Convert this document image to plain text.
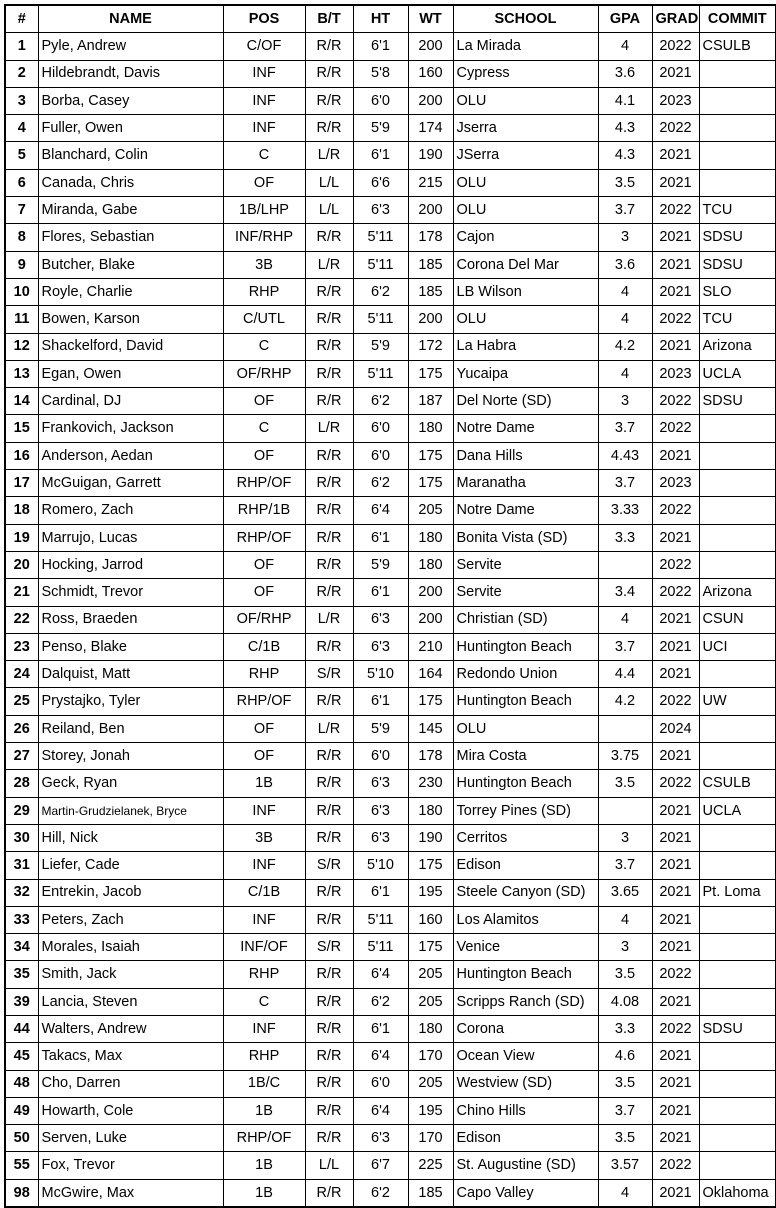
#	NAME	POS	B/T	HT	WT	SCHOOL	GPA	GRAD	COMMIT
1	Pyle, Andrew	C/OF	R/R	6'1	200	La Mirada	4	2022	CSULB
2	Hildebrandt, Davis	INF	R/R	5'8	160	Cypress	3.6	2021	
3	Borba, Casey	INF	R/R	6'0	200	OLU	4.1	2023	
4	Fuller, Owen	INF	R/R	5'9	174	Jserra	4.3	2022	
5	Blanchard, Colin	C	L/R	6'1	190	JSerra	4.3	2021	
6	Canada, Chris	OF	L/L	6'6	215	OLU	3.5	2021	
7	Miranda, Gabe	1B/LHP	L/L	6'3	200	OLU	3.7	2022	TCU
8	Flores, Sebastian	INF/RHP	R/R	5'11	178	Cajon	3	2021	SDSU
9	Butcher, Blake	3B	L/R	5'11	185	Corona Del Mar	3.6	2021	SDSU
10	Royle, Charlie	RHP	R/R	6'2	185	LB Wilson	4	2021	SLO
11	Bowen, Karson	C/UTL	R/R	5'11	200	OLU	4	2022	TCU
12	Shackelford, David	C	R/R	5'9	172	La Habra	4.2	2021	Arizona
13	Egan, Owen	OF/RHP	R/R	5'11	175	Yucaipa	4	2023	UCLA
14	Cardinal, DJ	OF	R/R	6'2	187	Del Norte (SD)	3	2022	SDSU
15	Frankovich, Jackson	C	L/R	6'0	180	Notre Dame	3.7	2022	
16	Anderson, Aedan	OF	R/R	6'0	175	Dana Hills	4.43	2021	
17	McGuigan, Garrett	RHP/OF	R/R	6'2	175	Maranatha	3.7	2023	
18	Romero, Zach	RHP/1B	R/R	6'4	205	Notre Dame	3.33	2022	
19	Marrujo, Lucas	RHP/OF	R/R	6'1	180	Bonita Vista (SD)	3.3	2021	
20	Hocking, Jarrod	OF	R/R	5'9	180	Servite		2022	
21	Schmidt, Trevor	OF	R/R	6'1	200	Servite	3.4	2022	Arizona
22	Ross, Braeden	OF/RHP	L/R	6'3	200	Christian (SD)	4	2021	CSUN
23	Penso, Blake	C/1B	R/R	6'3	210	Huntington Beach	3.7	2021	UCI
24	Dalquist, Matt	RHP	S/R	5'10	164	Redondo Union	4.4	2021	
25	Prystajko, Tyler	RHP/OF	R/R	6'1	175	Huntington Beach	4.2	2022	UW
26	Reiland, Ben	OF	L/R	5'9	145	OLU		2024	
27	Storey, Jonah	OF	R/R	6'0	178	Mira Costa	3.75	2021	
28	Geck, Ryan	1B	R/R	6'3	230	Huntington Beach	3.5	2022	CSULB
29	Martin-Grudzielanek, Bryce	INF	R/R	6'3	180	Torrey Pines (SD)		2021	UCLA
30	Hill, Nick	3B	R/R	6'3	190	Cerritos	3	2021	
31	Liefer, Cade	INF	S/R	5'10	175	Edison	3.7	2021	
32	Entrekin, Jacob	C/1B	R/R	6'1	195	Steele Canyon (SD)	3.65	2021	Pt. Loma
33	Peters, Zach	INF	R/R	5'11	160	Los Alamitos	4	2021	
34	Morales, Isaiah	INF/OF	S/R	5'11	175	Venice	3	2021	
35	Smith, Jack	RHP	R/R	6'4	205	Huntington Beach	3.5	2022	
39	Lancia, Steven	C	R/R	6'2	205	Scripps Ranch (SD)	4.08	2021	
44	Walters, Andrew	INF	R/R	6'1	180	Corona	3.3	2022	SDSU
45	Takacs, Max	RHP	R/R	6'4	170	Ocean View	4.6	2021	
48	Cho, Darren	1B/C	R/R	6'0	205	Westview (SD)	3.5	2021	
49	Howarth, Cole	1B	R/R	6'4	195	Chino Hills	3.7	2021	
50	Serven, Luke	RHP/OF	R/R	6'3	170	Edison	3.5	2021	
55	Fox, Trevor	1B	L/L	6'7	225	St. Augustine (SD)	3.57	2022	
98	McGwire, Max	1B	R/R	6'2	185	Capo Valley	4	2021	Oklahoma
